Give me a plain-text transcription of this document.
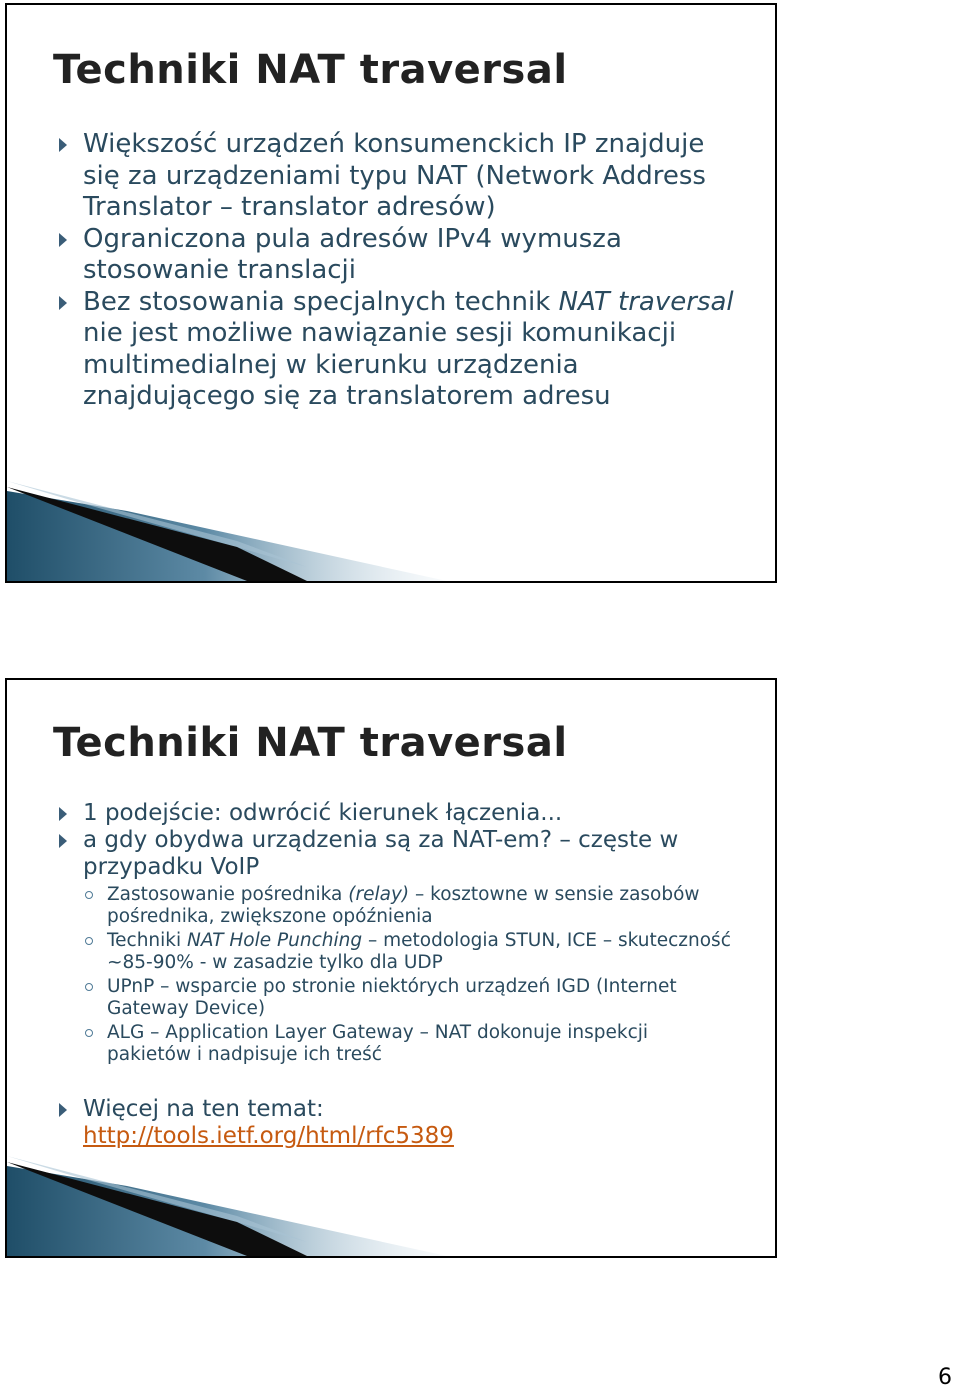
Techniki NAT traversal
Większość urządzeń konsumenckich IP znajduje się za urządzeniami typu NAT (Network Address Translator – translator adresów)
Ograniczona pula adresów IPv4 wymusza stosowanie translacji
Bez stosowania specjalnych technik NAT traversal nie jest możliwe nawiązanie sesji komunikacji multimedialnej w kierunku urządzenia znajdującego się za translatorem adresu
Techniki NAT traversal
1 podejście: odwrócić kierunek łączenia...
a gdy obydwa urządzenia są za NAT-em? – częste w przypadku VoIP
Zastosowanie pośrednika (relay) – kosztowne w sensie zasobów pośrednika, zwiększone opóźnienia
Techniki NAT Hole Punching – metodologia STUN, ICE – skuteczność ~85-90% - w zasadzie tylko dla UDP
UPnP – wsparcie po stronie niektórych urządzeń IGD (Internet Gateway Device)
ALG – Application Layer Gateway – NAT dokonuje inspekcji pakietów i nadpisuje ich treść
Więcej na ten temat:
http://tools.ietf.org/html/rfc5389
6
